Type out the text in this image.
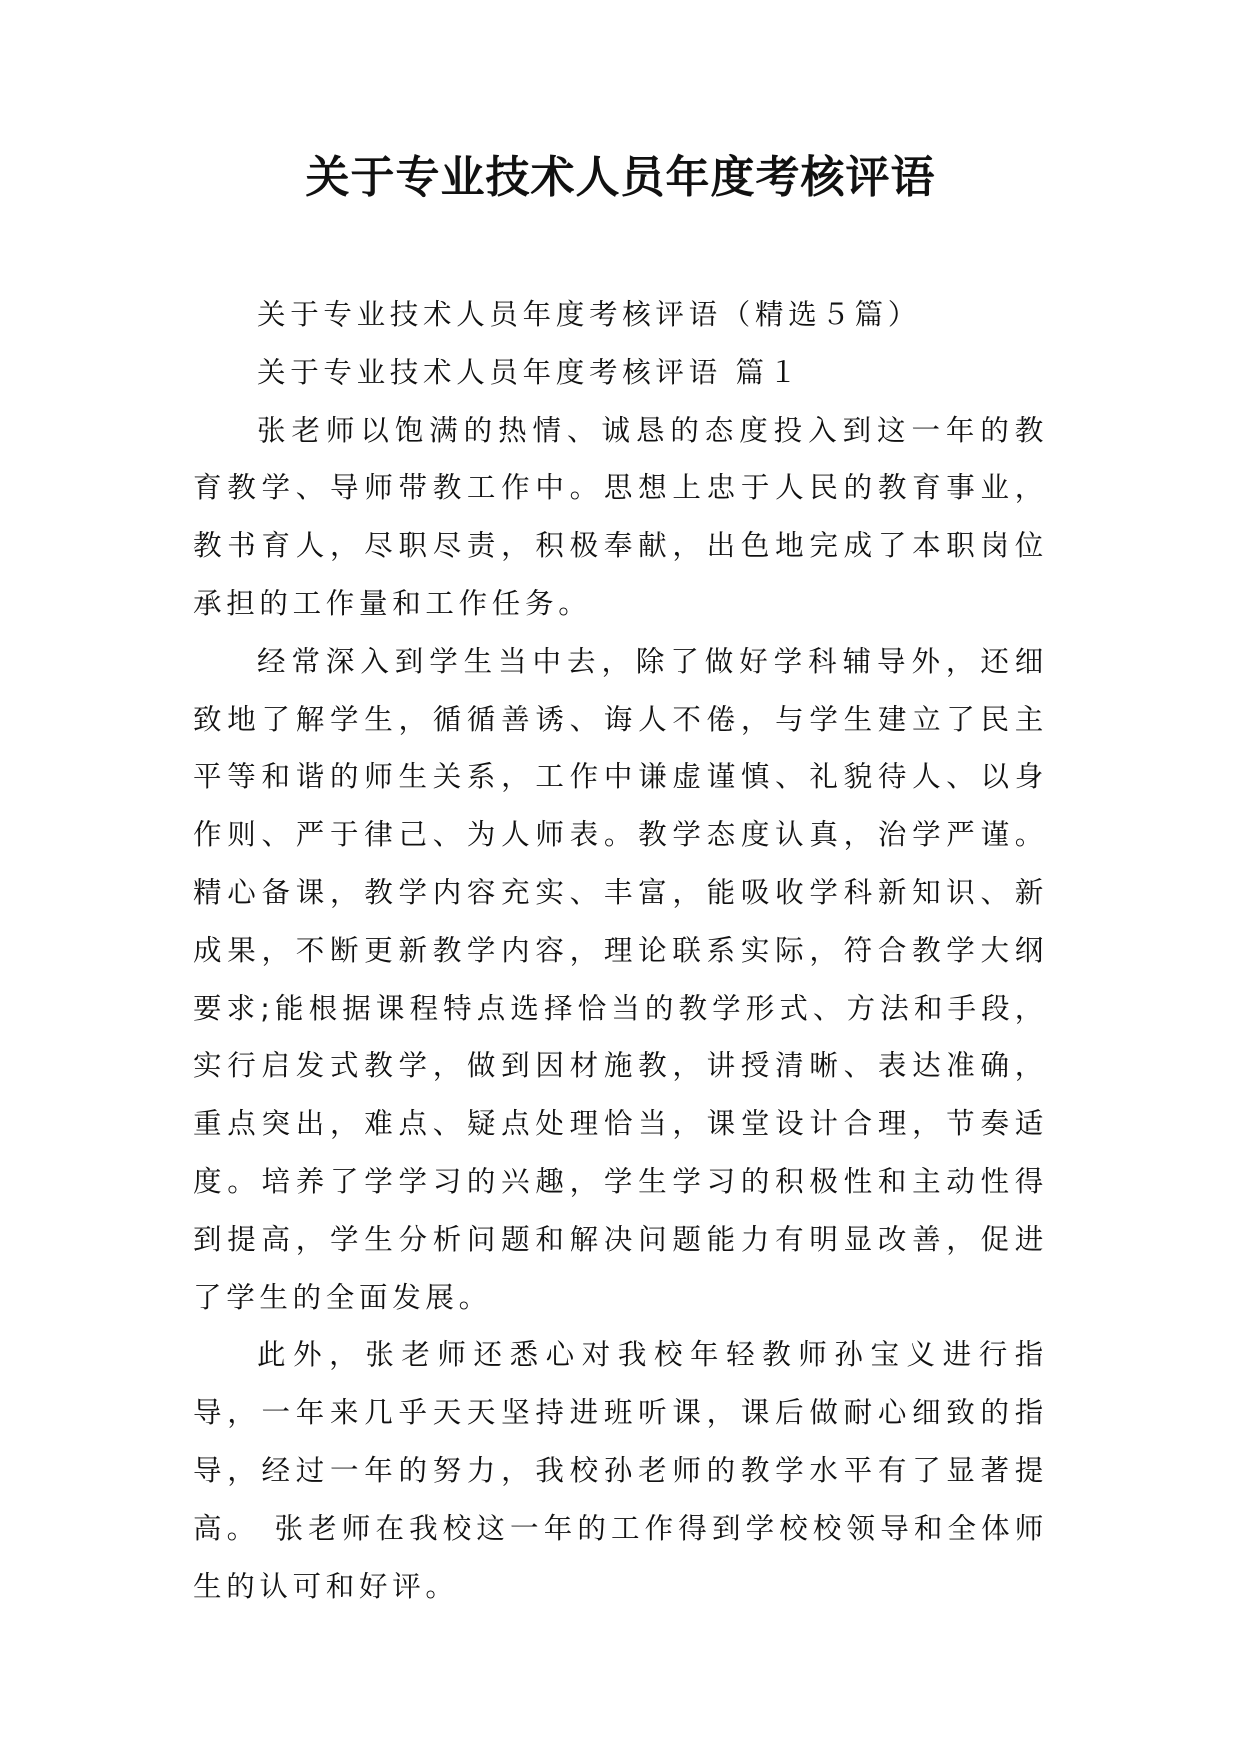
关于专业技术人员年度考核评语

关于专业技术人员年度考核评语（精选５篇）

关于专业技术人员年度考核评语 篇１

张老师以饱满的热情、诚恳的态度投入到这一年的教育教学、导师带教工作中。思想上忠于人民的教育事业，教书育人，尽职尽责，积极奉献，出色地完成了本职岗位承担的工作量和工作任务。

经常深入到学生当中去，除了做好学科辅导外，还细致地了解学生，循循善诱、诲人不倦，与学生建立了民主平等和谐的师生关系，工作中谦虚谨慎、礼貌待人、以身作则、严于律己、为人师表。教学态度认真，治学严谨。精心备课，教学内容充实、丰富，能吸收学科新知识、新成果，不断更新教学内容，理论联系实际，符合教学大纲要求;能根据课程特点选择恰当的教学形式、方法和手段，实行启发式教学，做到因材施教，讲授清晰、表达准确，重点突出，难点、疑点处理恰当，课堂设计合理，节奏适度。培养了学学习的兴趣，学生学习的积极性和主动性得到提高，学生分析问题和解决问题能力有明显改善，促进了学生的全面发展。

此外，张老师还悉心对我校年轻教师孙宝义进行指导，一年来几乎天天坚持进班听课，课后做耐心细致的指导，经过一年的努力，我校孙老师的教学水平有了显著提高。 张老师在我校这一年的工作得到学校校领导和全体师生的认可和好评。
